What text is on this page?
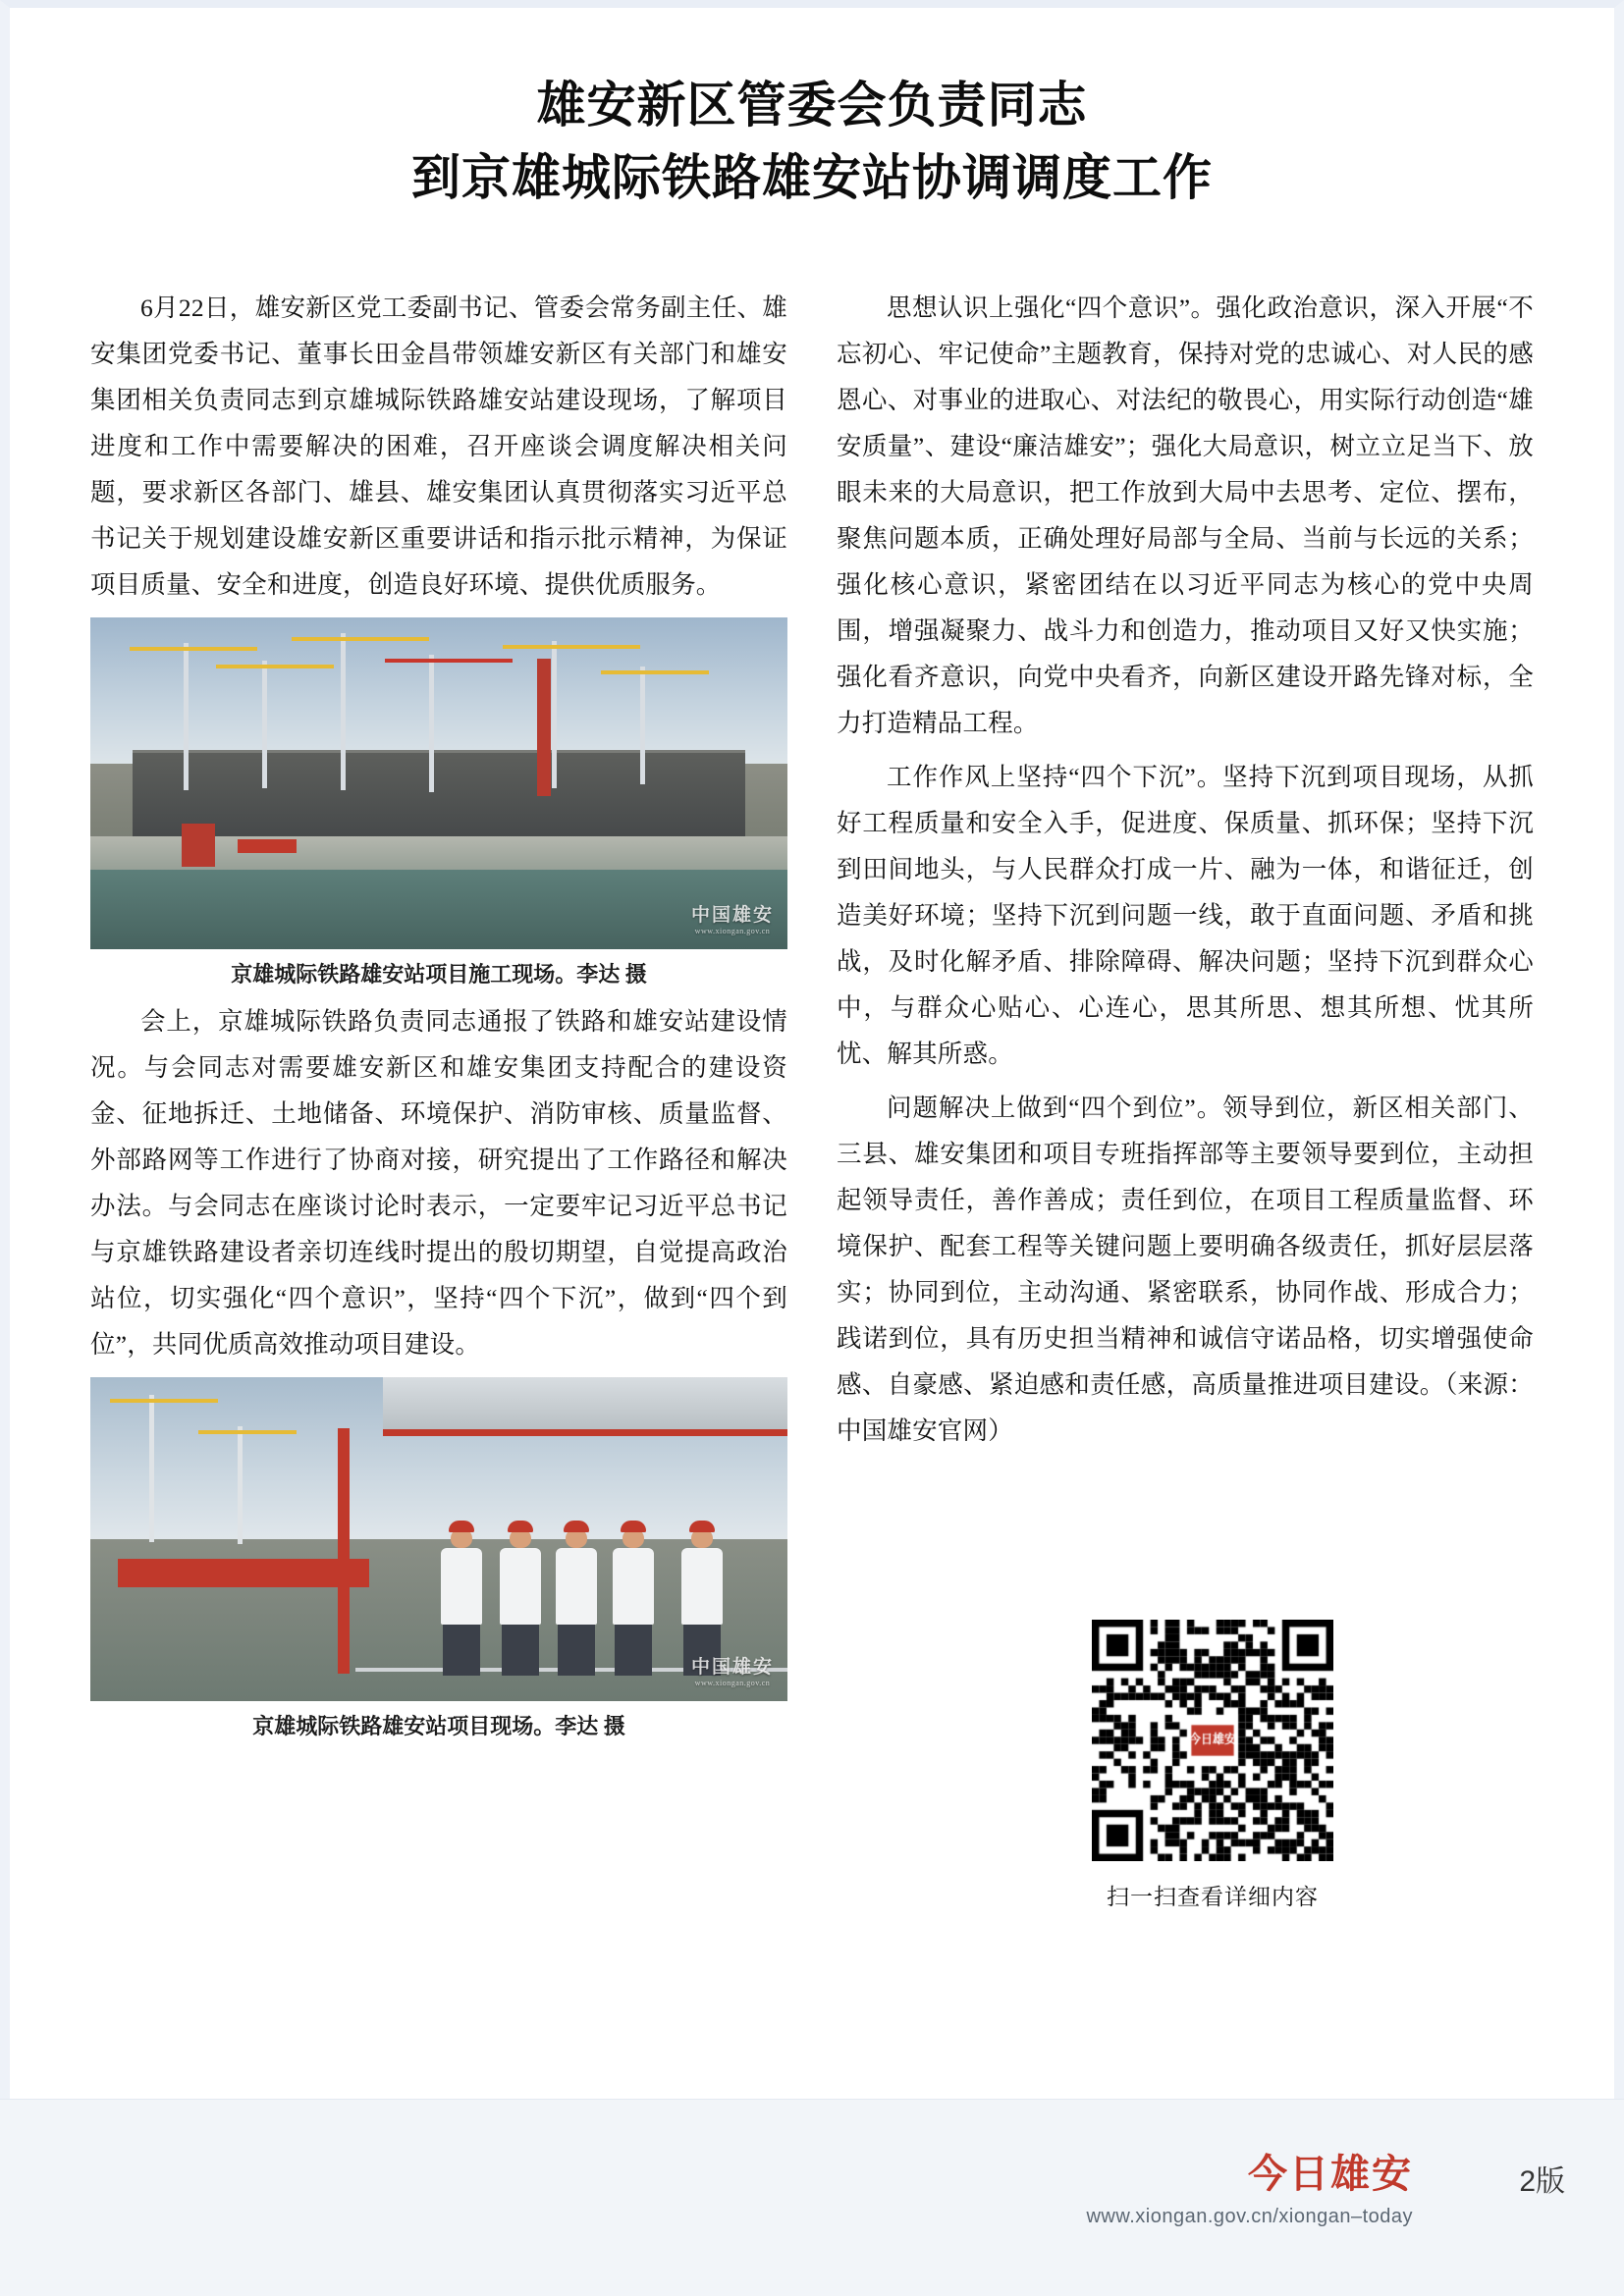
雄安新区管委会负责同志
到京雄城际铁路雄安站协调调度工作

6月22日，雄安新区党工委副书记、管委会常务副主任、雄安集团党委书记、董事长田金昌带领雄安新区有关部门和雄安集团相关负责同志到京雄城际铁路雄安站建设现场，了解项目进度和工作中需要解决的困难，召开座谈会调度解决相关问题，要求新区各部门、雄县、雄安集团认真贯彻落实习近平总书记关于规划建设雄安新区重要讲话和指示批示精神，为保证项目质量、安全和进度，创造良好环境、提供优质服务。

中国雄安
www.xiongan.gov.cn
京雄城际铁路雄安站项目施工现场。李达 摄

会上，京雄城际铁路负责同志通报了铁路和雄安站建设情况。与会同志对需要雄安新区和雄安集团支持配合的建设资金、征地拆迁、土地储备、环境保护、消防审核、质量监督、外部路网等工作进行了协商对接，研究提出了工作路径和解决办法。与会同志在座谈讨论时表示，一定要牢记习近平总书记与京雄铁路建设者亲切连线时提出的殷切期望，自觉提高政治站位，切实强化“四个意识”，坚持“四个下沉”，做到“四个到位”，共同优质高效推动项目建设。

中国雄安
www.xiongan.gov.cn
京雄城际铁路雄安站项目现场。李达 摄

思想认识上强化“四个意识”。强化政治意识，深入开展“不忘初心、牢记使命”主题教育，保持对党的忠诚心、对人民的感恩心、对事业的进取心、对法纪的敬畏心，用实际行动创造“雄安质量”、建设“廉洁雄安”；强化大局意识，树立立足当下、放眼未来的大局意识，把工作放到大局中去思考、定位、摆布，聚焦问题本质，正确处理好局部与全局、当前与长远的关系；强化核心意识，紧密团结在以习近平同志为核心的党中央周围，增强凝聚力、战斗力和创造力，推动项目又好又快实施；强化看齐意识，向党中央看齐，向新区建设开路先锋对标，全力打造精品工程。

工作作风上坚持“四个下沉”。坚持下沉到项目现场，从抓好工程质量和安全入手，促进度、保质量、抓环保；坚持下沉到田间地头，与人民群众打成一片、融为一体，和谐征迁，创造美好环境；坚持下沉到问题一线，敢于直面问题、矛盾和挑战，及时化解矛盾、排除障碍、解决问题；坚持下沉到群众心中，与群众心贴心、心连心，思其所思、想其所想、忧其所忧、解其所惑。

问题解决上做到“四个到位”。领导到位，新区相关部门、三县、雄安集团和项目专班指挥部等主要领导要到位，主动担起领导责任，善作善成；责任到位，在项目工程质量监督、环境保护、配套工程等关键问题上要明确各级责任，抓好层层落实；协同到位，主动沟通、紧密联系，协同作战、形成合力；践诺到位，具有历史担当精神和诚信守诺品格，切实增强使命感、自豪感、紧迫感和责任感，高质量推进项目建设。（来源：中国雄安官网）

扫一扫查看详细内容
今日雄安
www.xiongan.gov.cn/xiongan–today
2版
